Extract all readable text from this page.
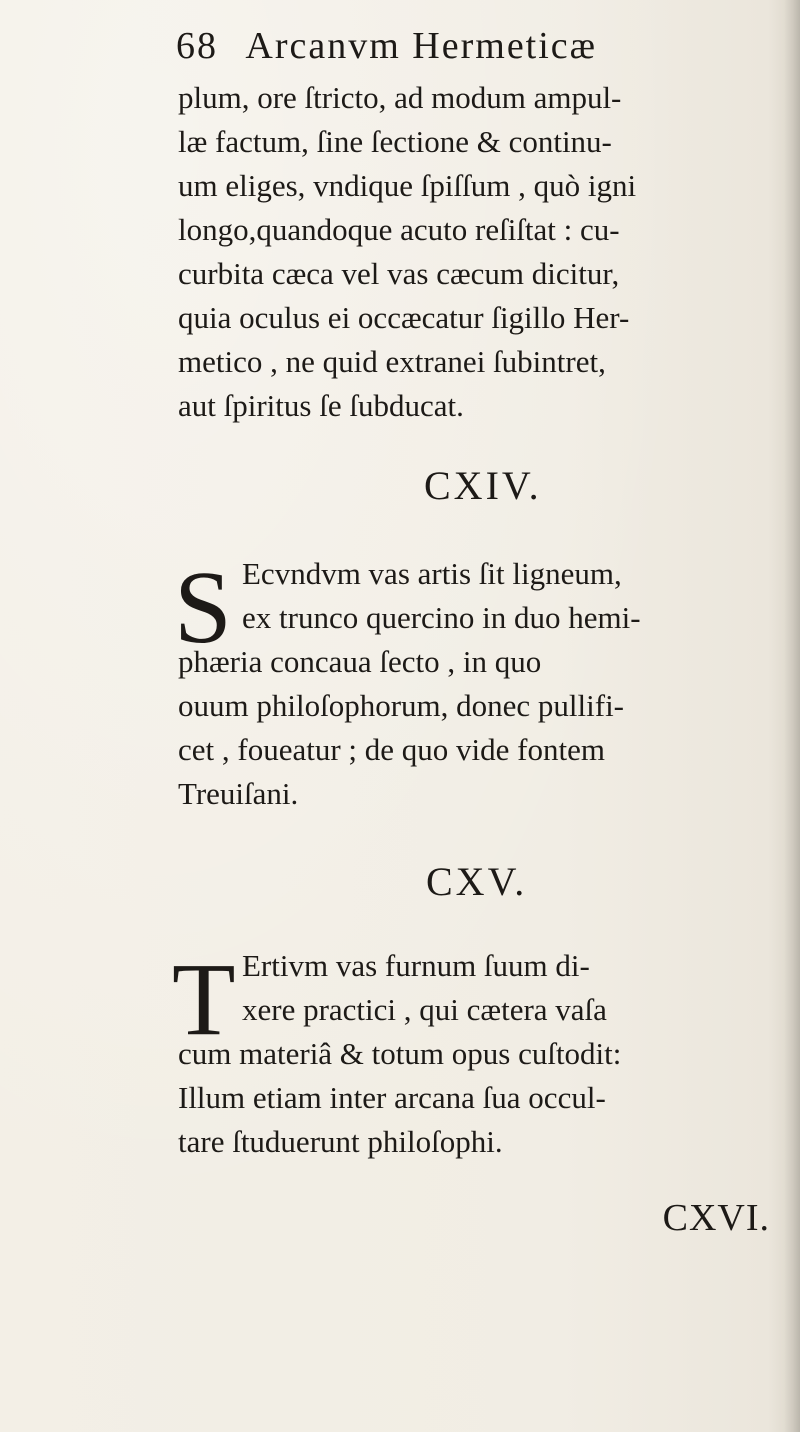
68 Arcanvm Hermeticæ
plum, ore ſtricto, ad modum ampul-
læ factum, ſine ſectione & continu-
um eliges, vndique ſpiſſum , quò igni
longo,quandoque acuto reſiſtat : cu-
curbita cæca vel vas cæcum dicitur,
quia oculus ei occæcatur ſigillo Her-
metico , ne quid extranei ſubintret,
aut ſpiritus ſe ſubducat.
CXIV.
S Ecvndvm vas artis ſit ligneum,
ex trunco quercino in duo hemi-
phæria concaua ſecto , in quo
ouum philoſophorum, donec pullifi-
cet , foueatur ; de quo vide fontem
Treuiſani.
CXV.
T Ertivm vas furnum ſuum di-
xere practici , qui cætera vaſa
cum materiâ & totum opus cuſtodit:
Illum etiam inter arcana ſua occul-
tare ſtuduerunt philoſophi.
CXVI.
